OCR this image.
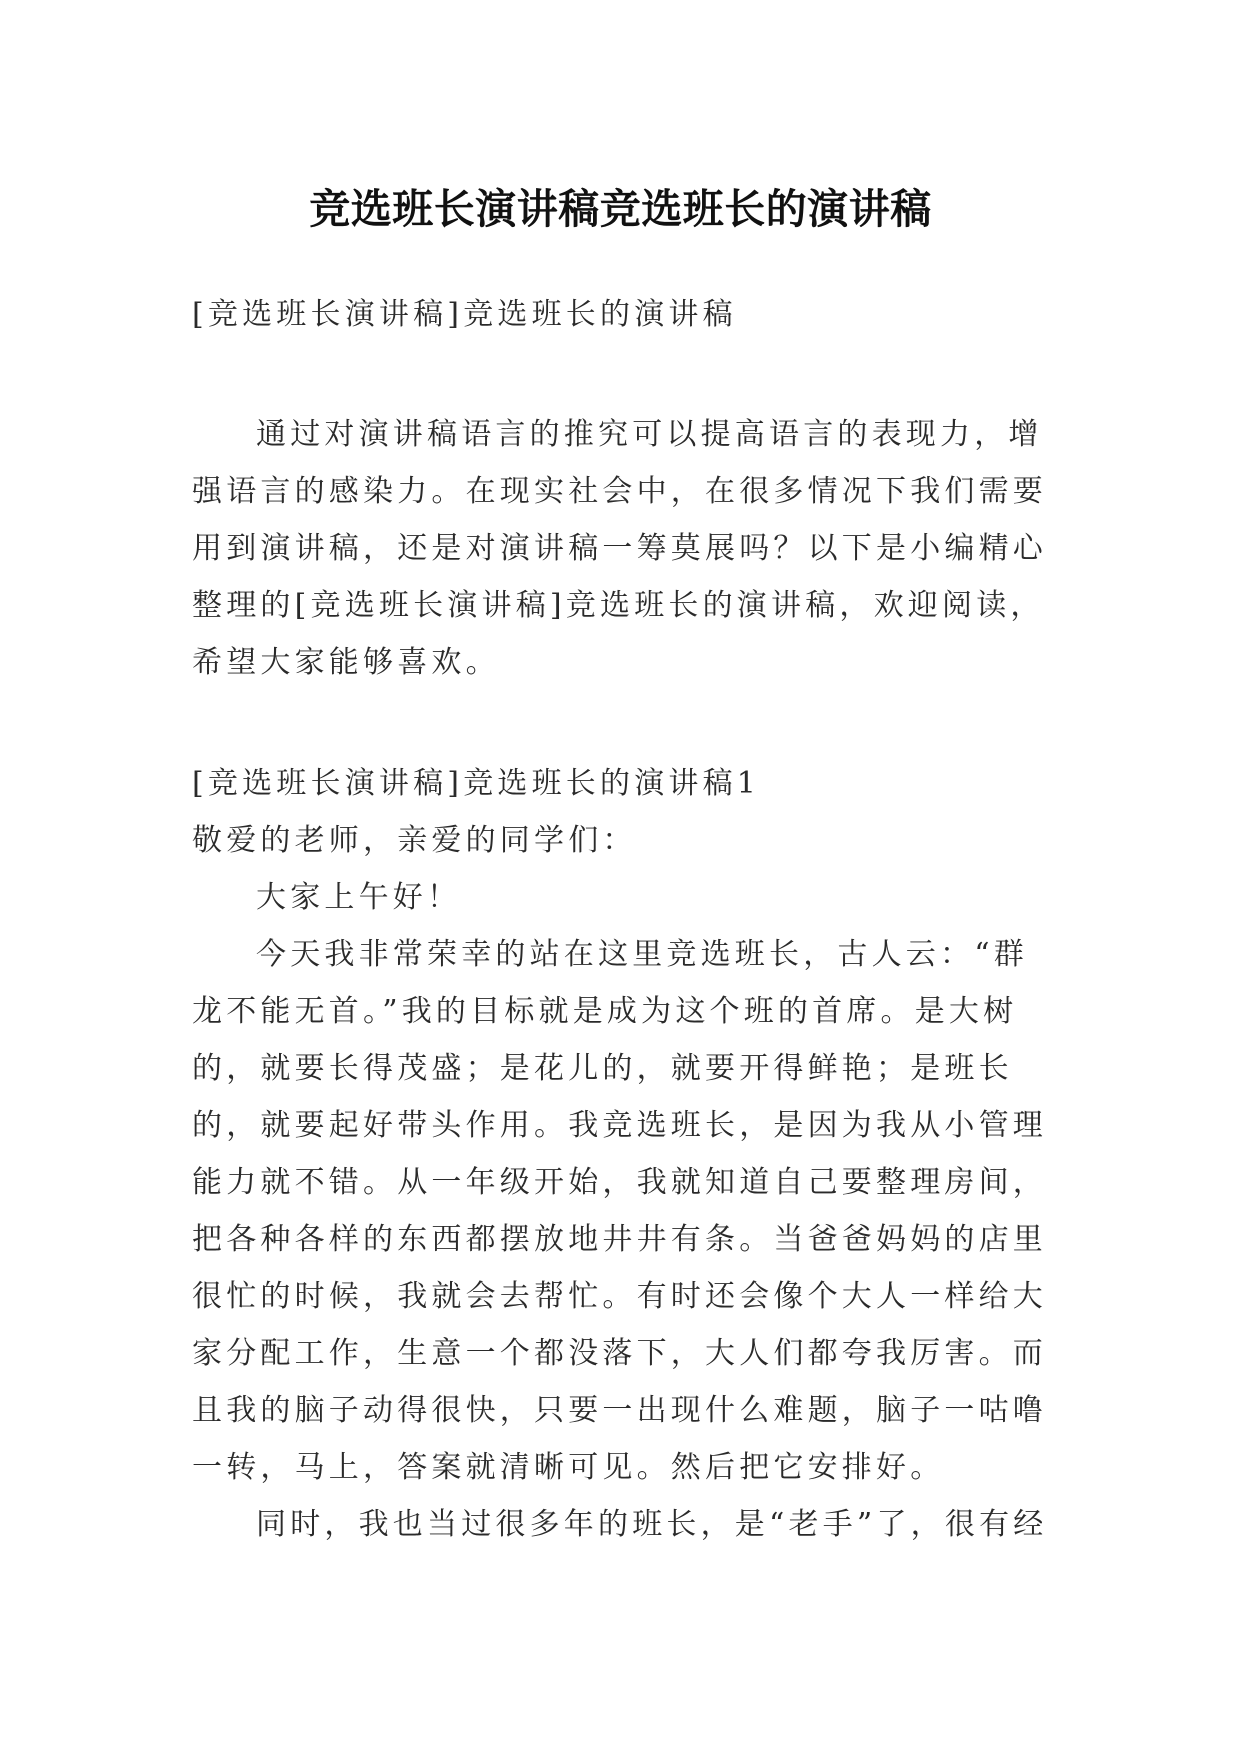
竞选班长演讲稿竞选班长的演讲稿

[竞选班长演讲稿]竞选班长的演讲稿

通过对演讲稿语言的推究可以提高语言的表现力，增强语言的感染力。在现实社会中，在很多情况下我们需要用到演讲稿，还是对演讲稿一筹莫展吗？以下是小编精心整理的[竞选班长演讲稿]竞选班长的演讲稿，欢迎阅读，希望大家能够喜欢。

[竞选班长演讲稿]竞选班长的演讲稿1

敬爱的老师，亲爱的同学们：

大家上午好！

今天我非常荣幸的站在这里竞选班长，古人云：“群龙不能无首。”我的目标就是成为这个班的首席。是大树的，就要长得茂盛；是花儿的，就要开得鲜艳；是班长的，就要起好带头作用。我竞选班长，是因为我从小管理能力就不错。从一年级开始，我就知道自己要整理房间，把各种各样的东西都摆放地井井有条。当爸爸妈妈的店里很忙的时候，我就会去帮忙。有时还会像个大人一样给大家分配工作，生意一个都没落下，大人们都夸我厉害。而且我的脑子动得很快，只要一出现什么难题，脑子一咕噜一转，马上，答案就清晰可见。然后把它安排好。

同时，我也当过很多年的班长，是“老手”了，很有经
